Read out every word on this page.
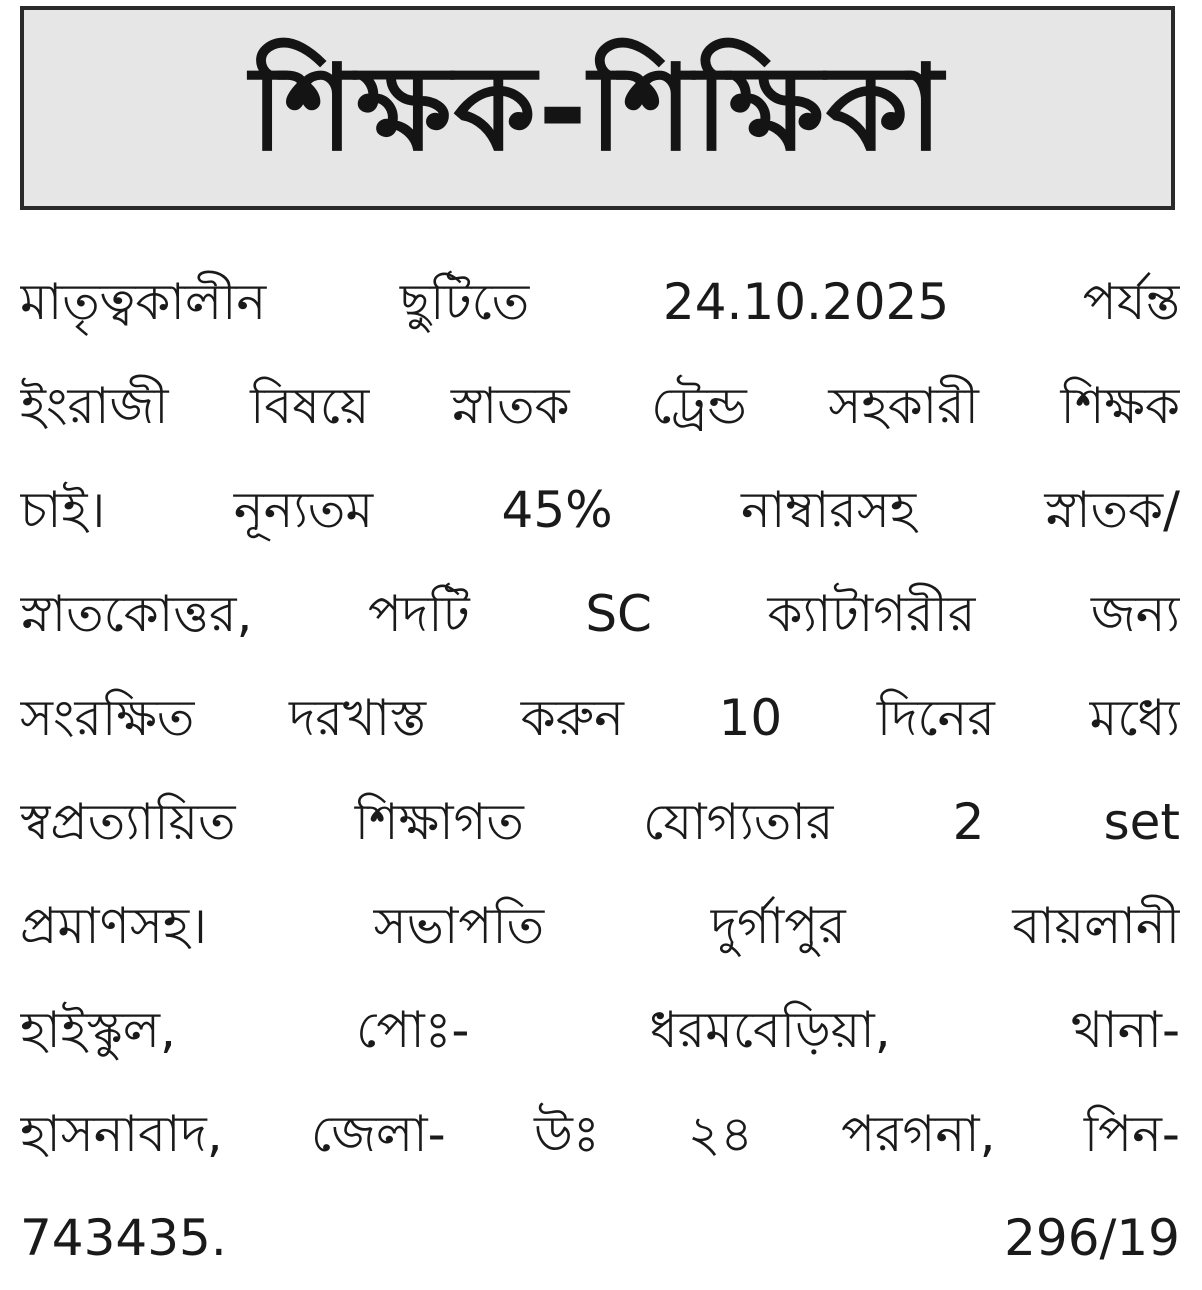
শিক্ষক-শিক্ষিকা
মাতৃত্বকালীন	ছুটিতে	24.10.2025	পর্যন্ত
ইংরাজী বিষয়ে স্নাতক ট্রেন্ড সহকারী শিক্ষক
চাই।	নূন্যতম	45%	নাম্বারসহ	স্নাতক/
স্নাতকোত্তর, পদটি SC ক্যাটাগরীর জন্য
সংরক্ষিত দরখাস্ত করুন 10 দিনের মধ্যে
স্বপ্রত্যায়িত শিক্ষাগত যোগ্যতার 2 set
প্রমাণসহ।	সভাপতি	দুর্গাপুর	বায়লানী
হাইস্কুল,	পোঃ-	ধরমবেড়িয়া,	থানা-
হাসনাবাদ, জেলা- উঃ ২৪ পরগনা, পিন-
743435.	296/19
